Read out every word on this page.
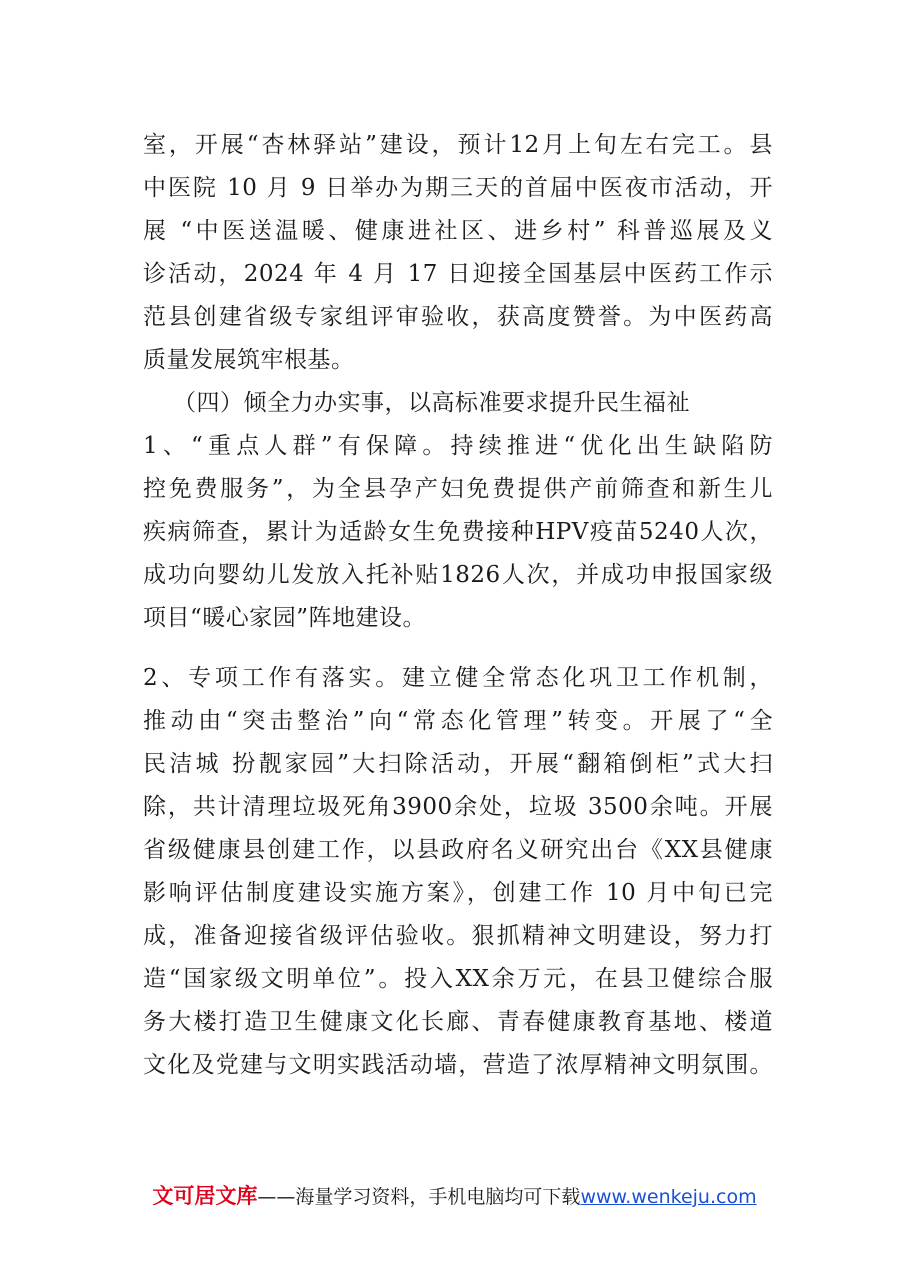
室，开展“杏林驿站”建设，预计12月上旬左右完工。县
中医院 10 月 9 日举办为期三天的首届中医夜市活动，开
展 “中医送温暖、健康进社区、进乡村” 科普巡展及义
诊活动，2024 年 4 月 17 日迎接全国基层中医药工作示
范县创建省级专家组评审验收，获高度赞誉。为中医药高
质量发展筑牢根基。
（四）倾全力办实事，以高标准要求提升民生福祉
1、“重点人群”有保障。持续推进“优化出生缺陷防
控免费服务”，为全县孕产妇免费提供产前筛查和新生儿
疾病筛查，累计为适龄女生免费接种HPV疫苗5240人次，
成功向婴幼儿发放入托补贴1826人次，并成功申报国家级
项目“暖心家园”阵地建设。
2、专项工作有落实。建立健全常态化巩卫工作机制，
推动由“突击整治”向“常态化管理”转变。开展了“全
民洁城 扮靓家园”大扫除活动，开展“翻箱倒柜”式大扫
除，共计清理垃圾死角3900余处，垃圾 3500余吨。开展
省级健康县创建工作，以县政府名义研究出台《XX县健康
影响评估制度建设实施方案》，创建工作 10 月中旬已完
成，准备迎接省级评估验收。狠抓精神文明建设，努力打
造“国家级文明单位”。投入XX余万元，在县卫健综合服
务大楼打造卫生健康文化长廊、青春健康教育基地、楼道
文化及党建与文明实践活动墙，营造了浓厚精神文明氛围。
文可居文库——海量学习资料，手机电脑均可下载www.wenkeju.com
